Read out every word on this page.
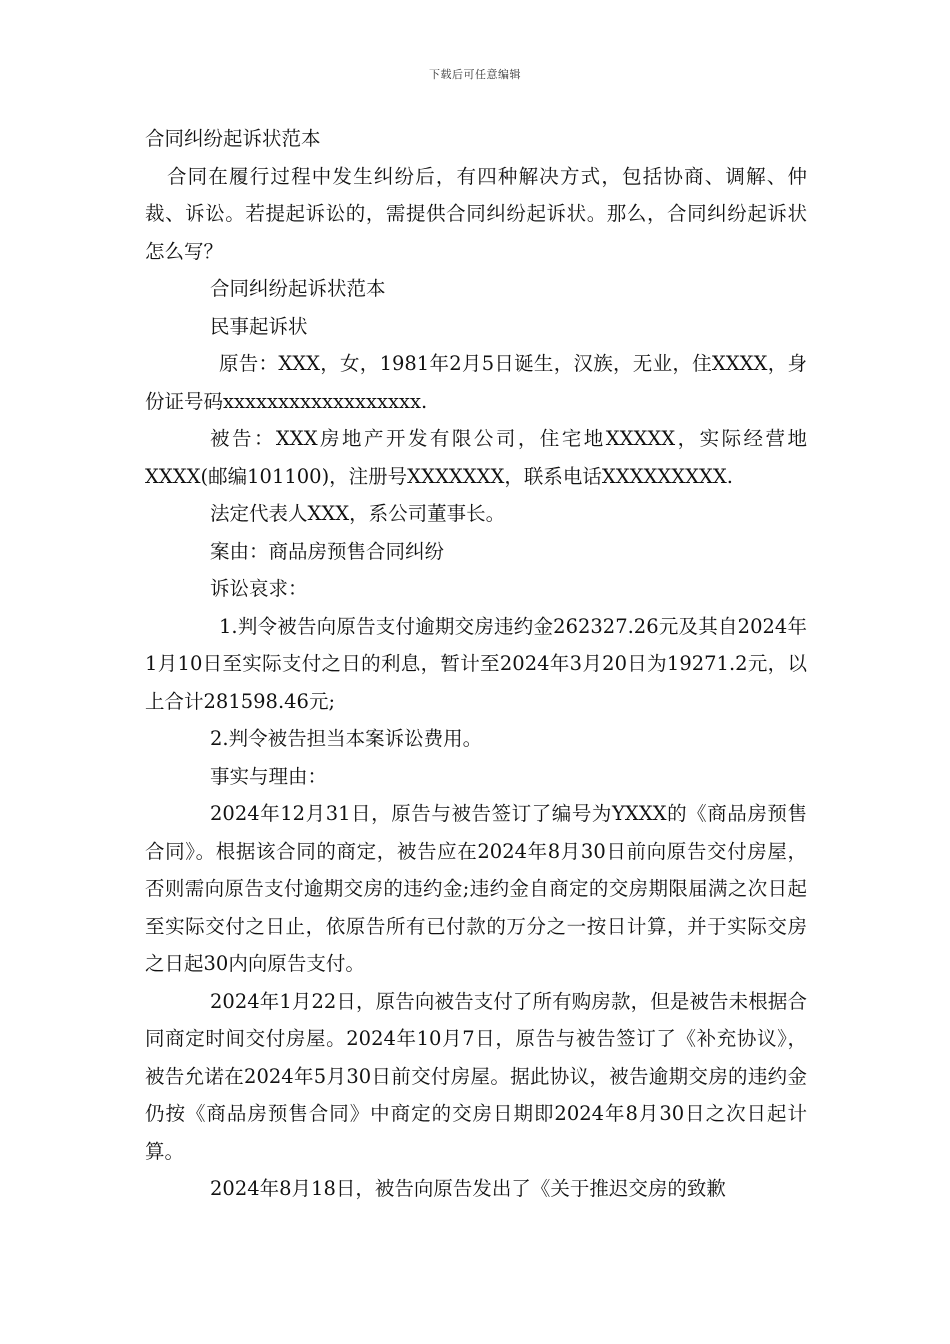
下载后可任意编辑

合同纠纷起诉状范本

合同在履行过程中发生纠纷后，有四种解决方式，包括协商、调解、仲裁、诉讼。若提起诉讼的，需提供合同纠纷起诉状。那么，合同纠纷起诉状怎么写？

合同纠纷起诉状范本

民事起诉状

原告：XXX，女，1981年2月5日诞生，汉族，无业，住XXXX，身份证号码xxxxxxxxxxxxxxxxxx.

被告：XXX房地产开发有限公司，住宅地XXXXX，实际经营地XXXX(邮编101100)，注册号XXXXXXX，联系电话XXXXXXXXX.

法定代表人XXX，系公司董事长。

案由：商品房预售合同纠纷

诉讼哀求：

1.判令被告向原告支付逾期交房违约金262327.26元及其自2024年1月10日至实际支付之日的利息，暂计至2024年3月20日为19271.2元，以上合计281598.46元;

2.判令被告担当本案诉讼费用。

事实与理由：

2024年12月31日，原告与被告签订了编号为YXXX的《商品房预售合同》。根据该合同的商定，被告应在2024年8月30日前向原告交付房屋，否则需向原告支付逾期交房的违约金;违约金自商定的交房期限届满之次日起至实际交付之日止，依原告所有已付款的万分之一按日计算，并于实际交房之日起30内向原告支付。

2024年1月22日，原告向被告支付了所有购房款，但是被告未根据合同商定时间交付房屋。2024年10月7日，原告与被告签订了《补充协议》，被告允诺在2024年5月30日前交付房屋。据此协议，被告逾期交房的违约金仍按《商品房预售合同》中商定的交房日期即2024年8月30日之次日起计算。

2024年8月18日，被告向原告发出了《关于推迟交房的致歉
